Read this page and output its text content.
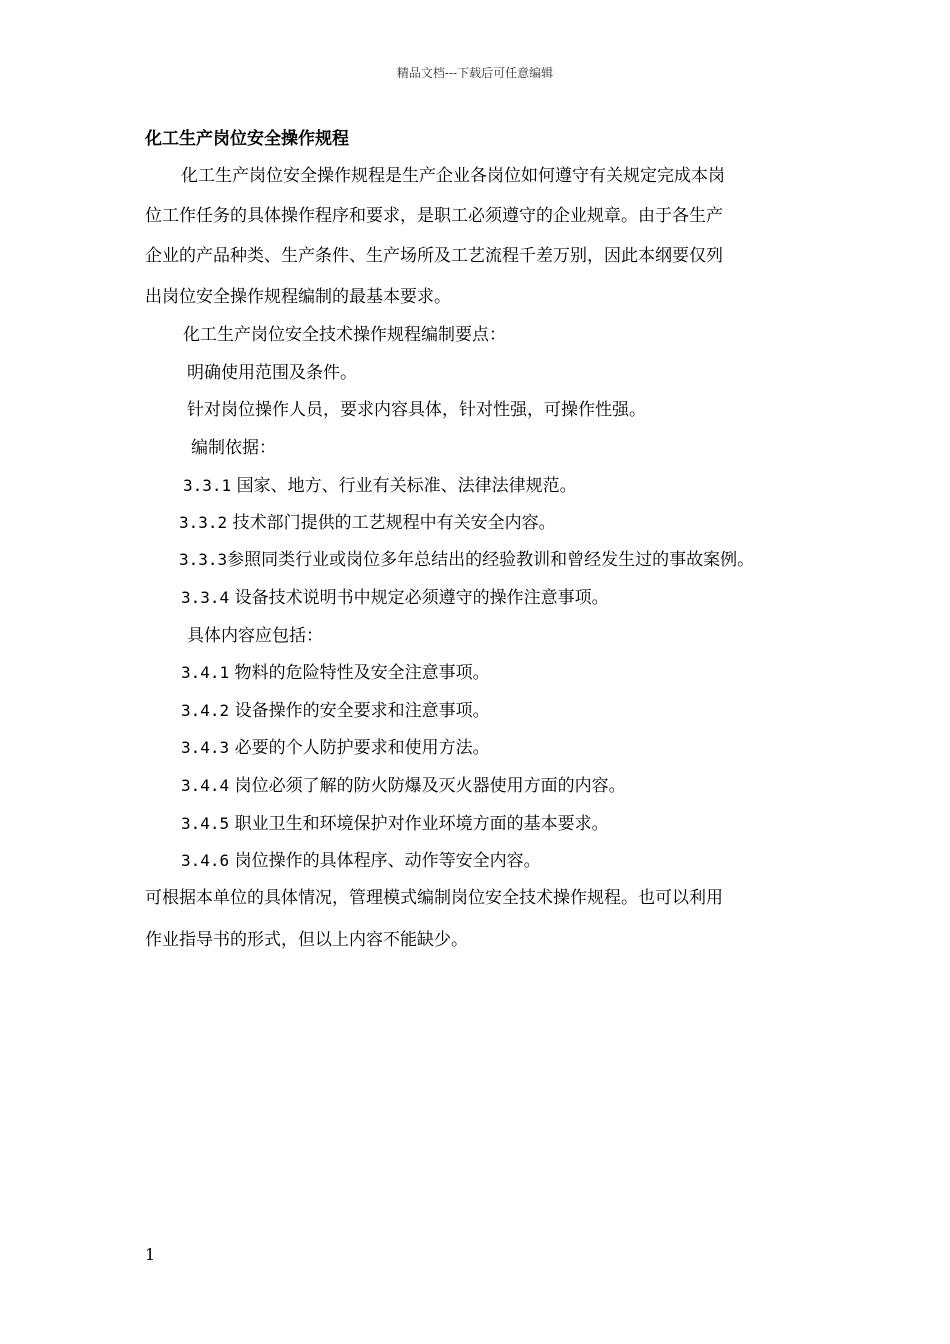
精品文档---下载后可任意编辑
化工生产岗位安全操作规程
化工生产岗位安全操作规程是生产企业各岗位如何遵守有关规定完成本岗
位工作任务的具体操作程序和要求，是职工必须遵守的企业规章。由于各生产
企业的产品种类、生产条件、生产场所及工艺流程千差万别，因此本纲要仅列
出岗位安全操作规程编制的最基本要求。
化工生产岗位安全技术操作规程编制要点：
明确使用范围及条件。
针对岗位操作人员，要求内容具体，针对性强，可操作性强。
编制依据：
3.3.1 国家、地方、行业有关标准、法律法律规范。
3.3.2 技术部门提供的工艺规程中有关安全内容。
3.3.3参照同类行业或岗位多年总结出的经验教训和曾经发生过的事故案例。
3.3.4 设备技术说明书中规定必须遵守的操作注意事项。
具体内容应包括：
3.4.1 物料的危险特性及安全注意事项。
3.4.2 设备操作的安全要求和注意事项。
3.4.3 必要的个人防护要求和使用方法。
3.4.4 岗位必须了解的防火防爆及灭火器使用方面的内容。
3.4.5 职业卫生和环境保护对作业环境方面的基本要求。
3.4.6 岗位操作的具体程序、动作等安全内容。
可根据本单位的具体情况，管理模式编制岗位安全技术操作规程。也可以利用
作业指导书的形式，但以上内容不能缺少。
1
